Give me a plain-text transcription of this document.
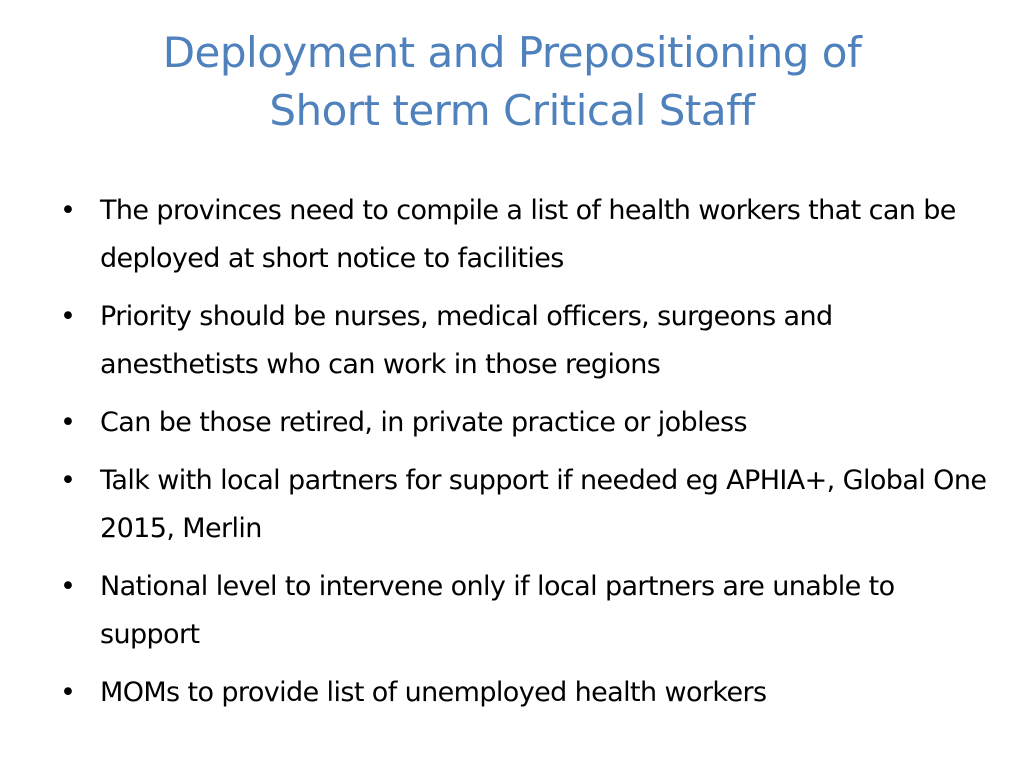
Deployment and Prepositioning of
Short term Critical Staff
• The provinces need to compile a list of health workers that can be deployed at short notice to facilities
• Priority should be nurses, medical officers, surgeons and anesthetists who can work in those regions
• Can be those retired, in private practice or jobless
• Talk with local partners for support if needed eg APHIA+, Global One 2015, Merlin
• National level to intervene only if local partners are unable to support
• MOMs to provide list of unemployed health workers
